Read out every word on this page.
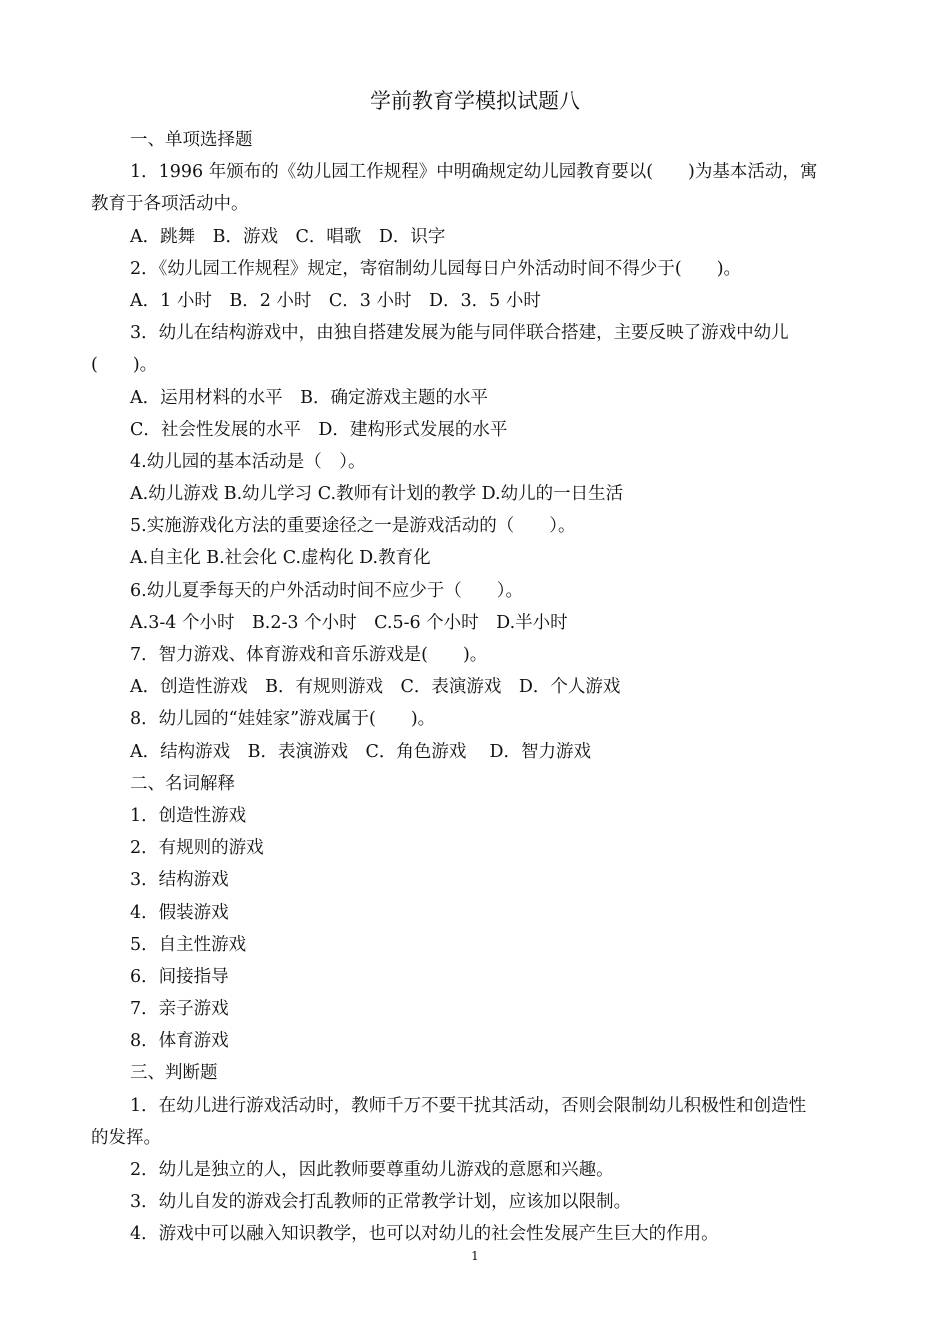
学前教育学模拟试题八
一、单项选择题
1．1996 年颁布的《幼儿园工作规程》中明确规定幼儿园教育要以(　　)为基本活动，寓
教育于各项活动中。
A．跳舞　B．游戏　C．唱歌　D．识字
2．《幼儿园工作规程》规定，寄宿制幼儿园每日户外活动时间不得少于(　　)。
A．1 小时　B．2 小时　C．3 小时　D．3．5 小时
3．幼儿在结构游戏中，由独自搭建发展为能与同伴联合搭建，主要反映了游戏中幼儿
(　　)。
A．运用材料的水平　B．确定游戏主题的水平
C．社会性发展的水平　D．建构形式发展的水平
4.幼儿园的基本活动是（　）。
A.幼儿游戏 B.幼儿学习 C.教师有计划的教学 D.幼儿的一日生活
5.实施游戏化方法的重要途径之一是游戏活动的（　　）。
A.自主化 B.社会化 C.虚构化 D.教育化
6.幼儿夏季每天的户外活动时间不应少于（　　）。
A.3-4 个小时　B.2-3 个小时　C.5-6 个小时　D.半小时
7．智力游戏、体育游戏和音乐游戏是(　　)。
A．创造性游戏　B．有规则游戏　C．表演游戏　D．个人游戏
8．幼儿园的“娃娃家”游戏属于(　　)。
A．结构游戏　B．表演游戏　C．角色游戏　 D．智力游戏
二、名词解释
1．创造性游戏
2．有规则的游戏
3．结构游戏
4．假装游戏
5．自主性游戏
6．间接指导
7．亲子游戏
8．体育游戏
三、判断题
1．在幼儿进行游戏活动时，教师千万不要干扰其活动，否则会限制幼儿积极性和创造性
的发挥。
2．幼儿是独立的人，因此教师要尊重幼儿游戏的意愿和兴趣。
3．幼儿自发的游戏会打乱教师的正常教学计划，应该加以限制。
4．游戏中可以融入知识教学，也可以对幼儿的社会性发展产生巨大的作用。
1
